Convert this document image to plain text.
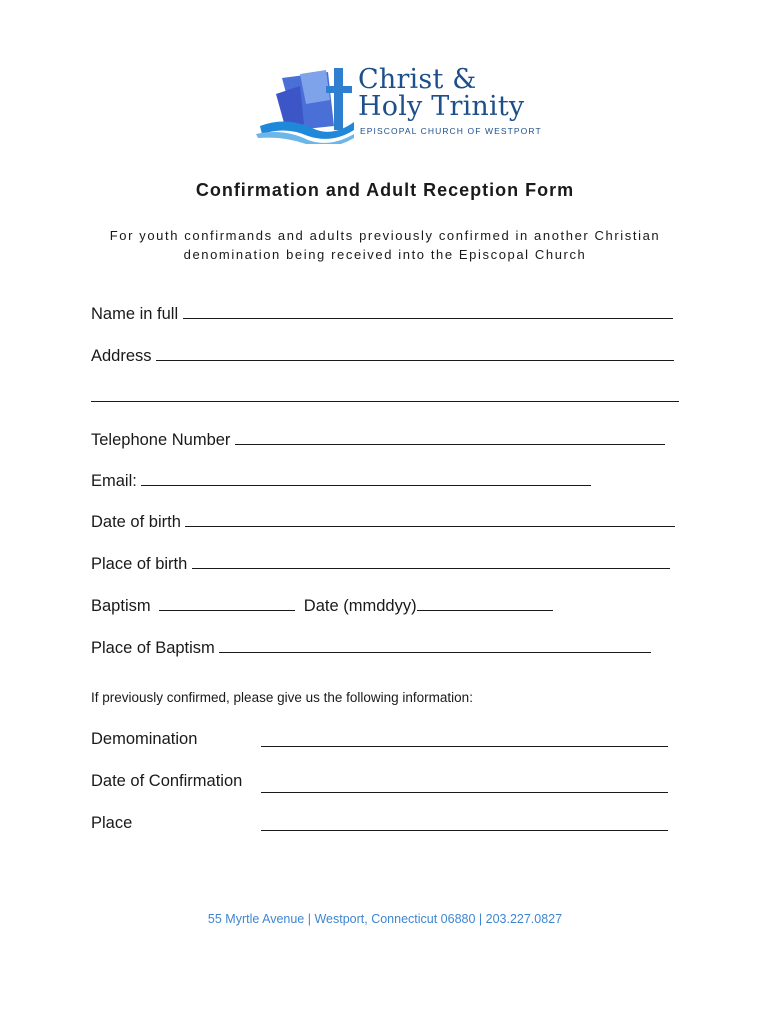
Christ &
Holy Trinity
EPISCOPAL CHURCH OF WESTPORT
Confirmation and Adult Reception Form
For youth confirmands and adults previously confirmed in another Christian denomination being received into the Episcopal Church
Name in full
Address
Telephone Number
Email:
Date of birth
Place of birth
Baptism	Date (mmddyy)
Place of Baptism
If previously confirmed, please give us the following information:
Demomination
Date of Confirmation
Place
55 Myrtle Avenue | Westport, Connecticut 06880 | 203.227.0827
